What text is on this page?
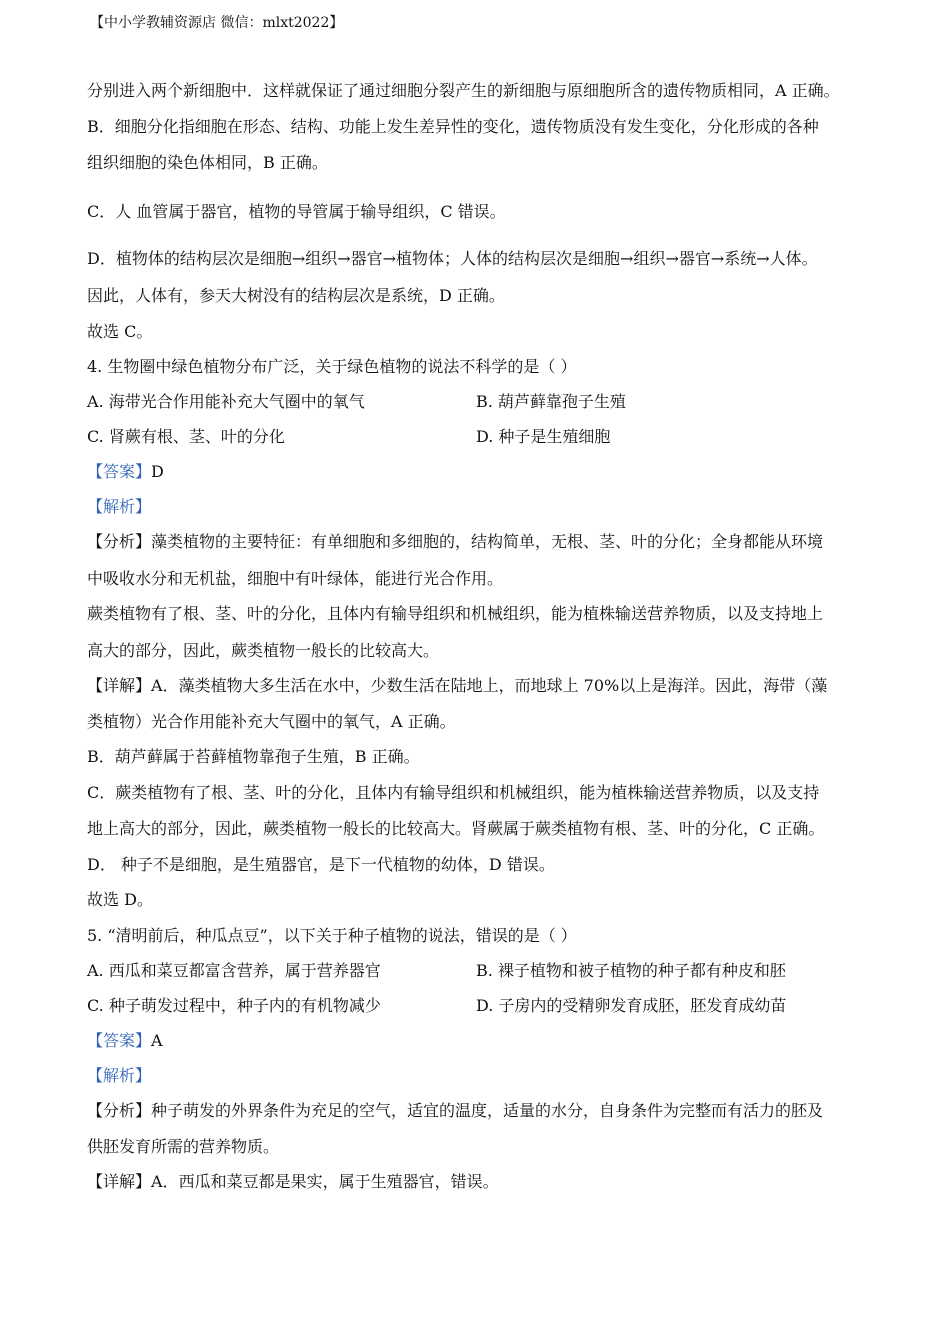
【中小学教辅资源店 微信：mlxt2022】
分别进入两个新细胞中．这样就保证了通过细胞分裂产生的新细胞与原细胞所含的遗传物质相同，A 正确。
B．细胞分化指细胞在形态、结构、功能上发生差异性的变化，遗传物质没有发生变化，分化形成的各种
组织细胞的染色体相同，B 正确。
C．人 血管属于器官，植物的导管属于输导组织，C 错误。
D．植物体的结构层次是细胞→组织→器官→植物体；人体的结构层次是细胞→组织→器官→系统→人体。
因此，人体有，参天大树没有的结构层次是系统，D 正确。
故选 C。
4. 生物圈中绿色植物分布广泛，关于绿色植物的说法不科学的是（ ）
A. 海带光合作用能补充大气圈中的氧气	B. 葫芦藓靠孢子生殖
C. 肾蕨有根、茎、叶的分化	D. 种子是生殖细胞
【答案】D
【解析】
【分析】藻类植物的主要特征：有单细胞和多细胞的，结构简单，无根、茎、叶的分化；全身都能从环境
中吸收水分和无机盐，细胞中有叶绿体，能进行光合作用。
蕨类植物有了根、茎、叶的分化，且体内有输导组织和机械组织，能为植株输送营养物质，以及支持地上
高大的部分，因此，蕨类植物一般长的比较高大。
【详解】A．藻类植物大多生活在水中，少数生活在陆地上，而地球上 70%以上是海洋。因此，海带（藻
类植物）光合作用能补充大气圈中的氧气，A 正确。
B．葫芦藓属于苔藓植物靠孢子生殖，B 正确。
C．蕨类植物有了根、茎、叶的分化，且体内有输导组织和机械组织，能为植株输送营养物质，以及支持
地上高大的部分，因此，蕨类植物一般长的比较高大。肾蕨属于蕨类植物有根、茎、叶的分化，C 正确。
D． 种子不是细胞，是生殖器官，是下一代植物的幼体，D 错误。
故选 D。
5. “清明前后，种瓜点豆”，以下关于种子植物的说法，错误的是（ ）
A. 西瓜和菜豆都富含营养，属于营养器官	B. 裸子植物和被子植物的种子都有种皮和胚
C. 种子萌发过程中，种子内的有机物减少	D. 子房内的受精卵发育成胚，胚发育成幼苗
【答案】A
【解析】
【分析】种子萌发的外界条件为充足的空气，适宜的温度，适量的水分，自身条件为完整而有活力的胚及
供胚发育所需的营养物质。
【详解】A．西瓜和菜豆都是果实，属于生殖器官，错误。
